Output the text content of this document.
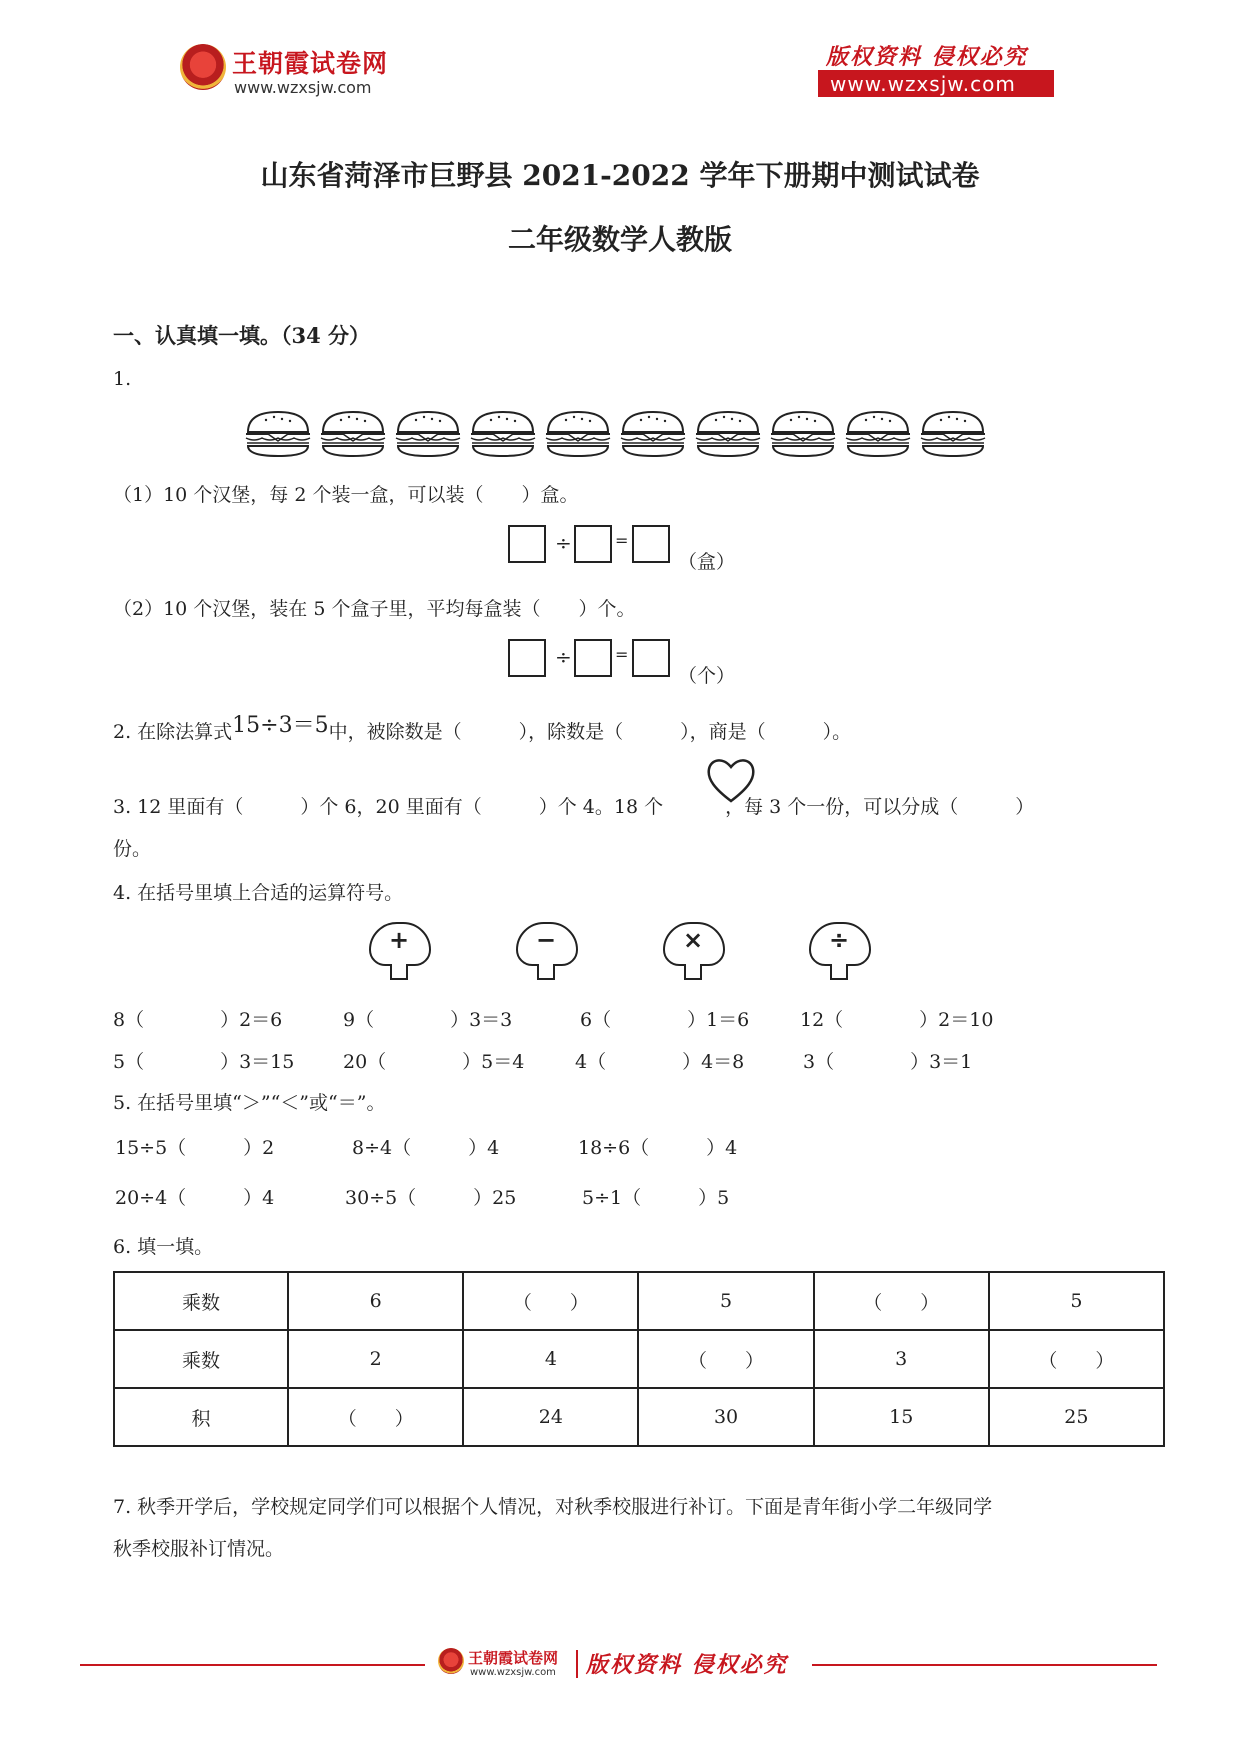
王朝霞试卷网
www.wzxsjw.com
版权资料 侵权必究
www.wzxsjw.com
山东省菏泽市巨野县 2021-2022 学年下册期中测试试卷
二年级数学人教版
一、认真填一填。（34 分）
1.
（1）10 个汉堡，每 2 个装一盒，可以装（　　）盒。
÷	=
（盒）
（2）10 个汉堡，装在 5 个盒子里，平均每盒装（　　）个。
÷	=
（个）
2. 在除法算式15÷3＝5中，被除数是（　　　），除数是（　　　），商是（　　　）。
3. 12 里面有（　　　）个 6，20 里面有（　　　）个 4。18 个	，每 3 个一份，可以分成（　　　）
份。
4. 在括号里填上合适的运算符号。
+	−	×	÷
8（　　　　）2＝6	9（　　　　）3＝3	6（　　　　）1＝6	12（　　　　）2＝10
5（　　　　）3＝15	20（　　　　）5＝4	4（　　　　）4＝8	3（　　　　）3＝1
5. 在括号里填“＞”“＜”或“＝”。
15÷5（　　　）2	8÷4（　　　）4	18÷6（　　　）4
20÷4（　　　）4	30÷5（　　　）25	5÷1（　　　）5
6. 填一填。
乘数	6	（　　）	5	（　　）	5
乘数	2	4	（　　）	3	（　　）
积	（　　）	24	30	15	25
7. 秋季开学后，学校规定同学们可以根据个人情况，对秋季校服进行补订。下面是青年街小学二年级同学
秋季校服补订情况。
王朝霞试卷网
www.wzxsjw.com 版权资料 侵权必究
